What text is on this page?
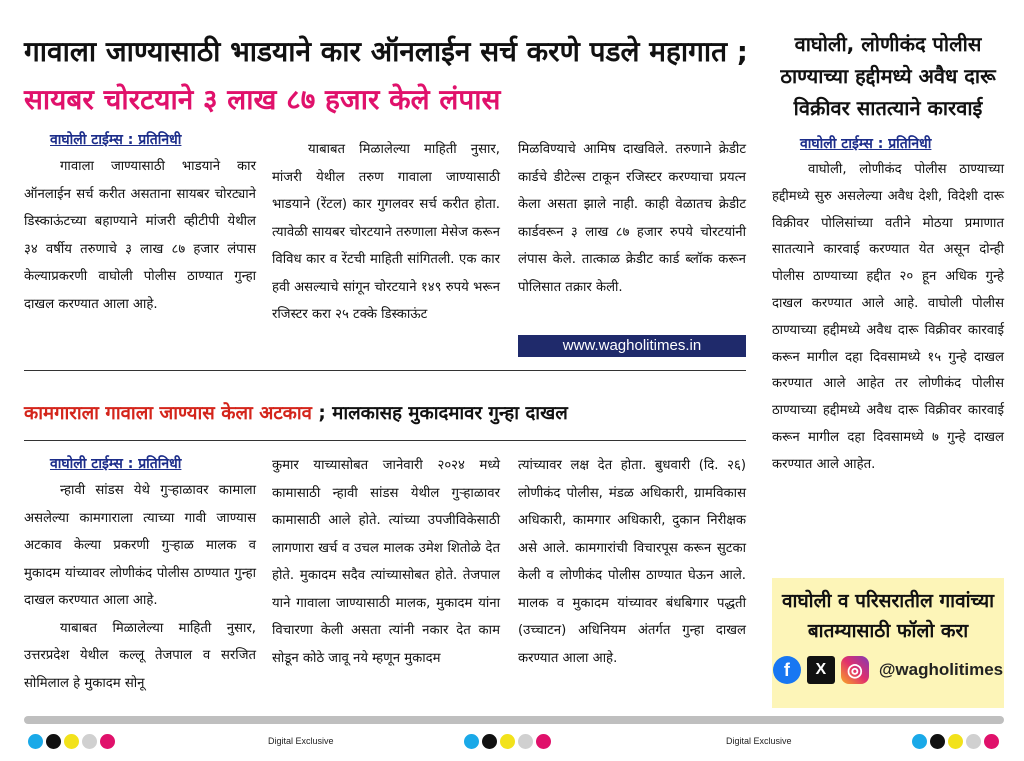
गावाला जाण्यासाठी भाडयाने कार ऑनलाईन सर्च करणे पडले महागात ; सायबर चोरटयाने ३ लाख ८७ हजार केले लंपास
वाघोली टाईम्स : प्रतिनिधी

गावाला जाण्यासाठी भाडयाने कार ऑनलाईन सर्च करीत असताना सायबर चोरट्याने डिस्काऊंटच्या बहाण्याने मांजरी व्हीटीपी येथील ३४ वर्षीय तरुणाचे ३ लाख ८७ हजार लंपास केल्याप्रकरणी वाघोली पोलीस ठाण्यात गुन्हा दाखल करण्यात आला आहे.

याबाबत मिळालेल्या माहिती नुसार, मांजरी येथील तरुण गावाला जाण्यासाठी भाडयाने (रेंटल) कार गुगलवर सर्च करीत होता. त्यावेळी सायबर चोरटयाने तरुणाला मेसेज करून विविध कार व रेंटची माहिती सांगितली. एक कार हवी असल्याचे सांगून चोरटयाने १४९ रुपये भरून रजिस्टर करा २५ टक्के डिस्काऊंट

मिळविण्याचे आमिष दाखविले. तरुणाने क्रेडीट कार्डचे डीटेल्स टाकून रजिस्टर करण्याचा प्रयत्न केला असता झाले नाही. काही वेळातच क्रेडीट कार्डवरून ३ लाख ८७ हजार रुपये चोरटयांनी लंपास केले. तात्काळ क्रेडीट कार्ड ब्लॉक करून पोलिसात तक्रार केली.

www.wagholitimes.in
कामगाराला गावाला जाण्यास केला अटकाव ; मालकासह मुकादमावर गुन्हा दाखल
वाघोली टाईम्स : प्रतिनिधी

न्हावी सांडस येथे गुऱ्हाळावर कामाला असलेल्या कामगाराला त्याच्या गावी जाण्यास अटकाव केल्या प्रकरणी गुऱ्हाळ मालक व मुकादम यांच्यावर लोणीकंद पोलीस ठाण्यात गुन्हा दाखल करण्यात आला आहे.

याबाबत मिळालेल्या माहिती नुसार, उत्तरप्रदेश येथील कल्लू तेजपाल व सरजित सोमिलाल हे मुकादम सोनू

कुमार याच्यासोबत जानेवारी २०२४ मध्ये कामासाठी न्हावी सांडस येथील गुऱ्हाळावर कामासाठी आले होते. त्यांच्या उपजीविकेसाठी लागणारा खर्च व उचल मालक उमेश शितोळे देत होते. मुकादम सदैव त्यांच्यासोबत होते. तेजपाल याने गावाला जाण्यासाठी मालक, मुकादम यांना विचारणा केली असता त्यांनी नकार देत काम सोडून कोठे जावू नये म्हणून मुकादम

त्यांच्यावर लक्ष देत होता. बुधवारी (दि. २६) लोणीकंद पोलीस, मंडळ अधिकारी, ग्रामविकास अधिकारी, कामगार अधिकारी, दुकान निरीक्षक असे आले. कामगारांची विचारपूस करून सुटका केली व लोणीकंद पोलीस ठाण्यात घेऊन आले. मालक व मुकादम यांच्यावर बंधबिगार पद्धती (उच्चाटन) अधिनियम अंतर्गत गुन्हा दाखल करण्यात आला आहे.

वाघोली, लोणीकंद पोलीस ठाण्याच्या हद्दीमध्ये अवैध दारू विक्रीवर सातत्याने कारवाई
वाघोली टाईम्स : प्रतिनिधी

वाघोली, लोणीकंद पोलीस ठाण्याच्या हद्दीमध्ये सुरु असलेल्या अवैध देशी, विदेशी दारू विक्रीवर पोलिसांच्या वतीने मोठया प्रमाणात सातत्याने कारवाई करण्यात येत असून दोन्ही पोलीस ठाण्याच्या हद्दीत २० हून अधिक गुन्हे दाखल करण्यात आले आहे. वाघोली पोलीस ठाण्याच्या हद्दीमध्ये अवैध दारू विक्रीवर कारवाई करून मागील दहा दिवसामध्ये १५ गुन्हे दाखल करण्यात आले आहेत तर लोणीकंद पोलीस ठाण्याच्या हद्दीमध्ये अवैध दारू विक्रीवर कारवाई करून मागील दहा दिवसामध्ये ७ गुन्हे दाखल करण्यात आले आहेत.

वाघोली व परिसरातील गावांच्या बातम्यासाठी फॉलो करा
f	X	◎ @wagholitimes
Digital Exclusive	Digital Exclusive
